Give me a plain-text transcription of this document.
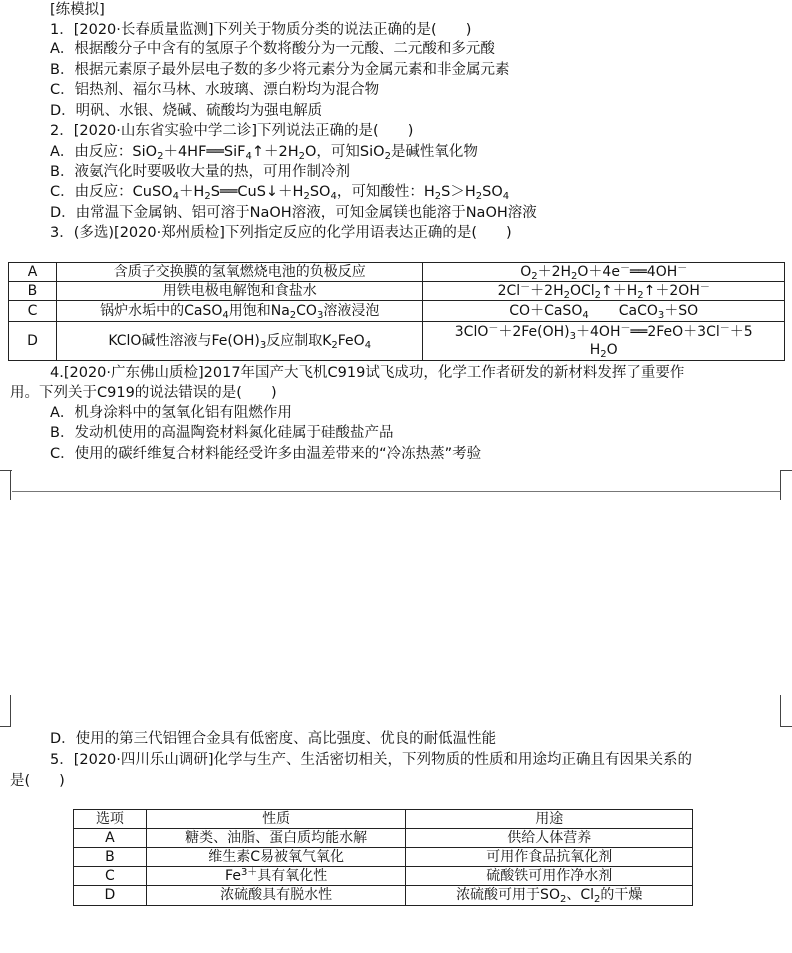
[练模拟]
1．[2020·长春质量监测]下列关于物质分类的说法正确的是(　　)
A．根据酸分子中含有的氢原子个数将酸分为一元酸、二元酸和多元酸
B．根据元素原子最外层电子数的多少将元素分为金属元素和非金属元素
C．铝热剂、福尔马林、水玻璃、漂白粉均为混合物
D．明矾、水银、烧碱、硫酸均为强电解质
2．[2020·山东省实验中学二诊]下列说法正确的是(　　)
A．由反应：$SiO_2+4HF══SiF_4↑+2H_2O$，可知SiO$_2$是碱性氧化物
B．液氨汽化时要吸收大量的热，可用作制冷剂
C．由反应：$CuSO_4+H_2S══CuS↓+H_2SO_4$，可知酸性：$H_2S>H_2SO_4$
D．由常温下金属钠、铝可溶于NaOH溶液，可知金属镁也能溶于NaOH溶液
3．(多选)[2020·郑州质检]下列指定反应的化学用语表达正确的是(　　)
A	含质子交换膜的氢氧燃烧电池的负极反应	$O_2+2H_2O+4e^-══4OH^-$
B	用铁电极电解饱和食盐水	$2Cl^-+2H_2OCl_2↑+H_2↑+2OH^-$
C	锅炉水垢中的CaSO$_4$用饱和$Na_2CO_3$溶液浸泡	CO＋CaSO$_4$ CaCO$_3$＋SO
D	KClO碱性溶液与$Fe(OH)_3$反应制取$K_2FeO_4$	$3ClO^-+2Fe(OH)_3+4OH^-══2FeO+3Cl^-+5$
$H_2O$
4.[2020·广东佛山质检]2017年国产大飞机C919试飞成功，化学工作者研发的新材料发挥了重要作
用。下列关于C919的说法错误的是(　　)
A．机身涂料中的氢氧化铝有阻燃作用
B．发动机使用的高温陶瓷材料氮化硅属于硅酸盐产品
C．使用的碳纤维复合材料能经受许多由温差带来的“冷冻热蒸”考验
D．使用的第三代铝锂合金具有低密度、高比强度、优良的耐低温性能
5．[2020·四川乐山调研]化学与生产、生活密切相关，下列物质的性质和用途均正确且有因果关系的
是(　　)
选项	性质	用途
A	糖类、油脂、蛋白质均能水解	供给人体营养
B	维生素C易被氧气氧化	可用作食品抗氧化剂
C	$Fe^{3+}$具有氧化性	硫酸铁可用作净水剂
D	浓硫酸具有脱水性	浓硫酸可用于$SO_2$、$Cl_2$的干燥
